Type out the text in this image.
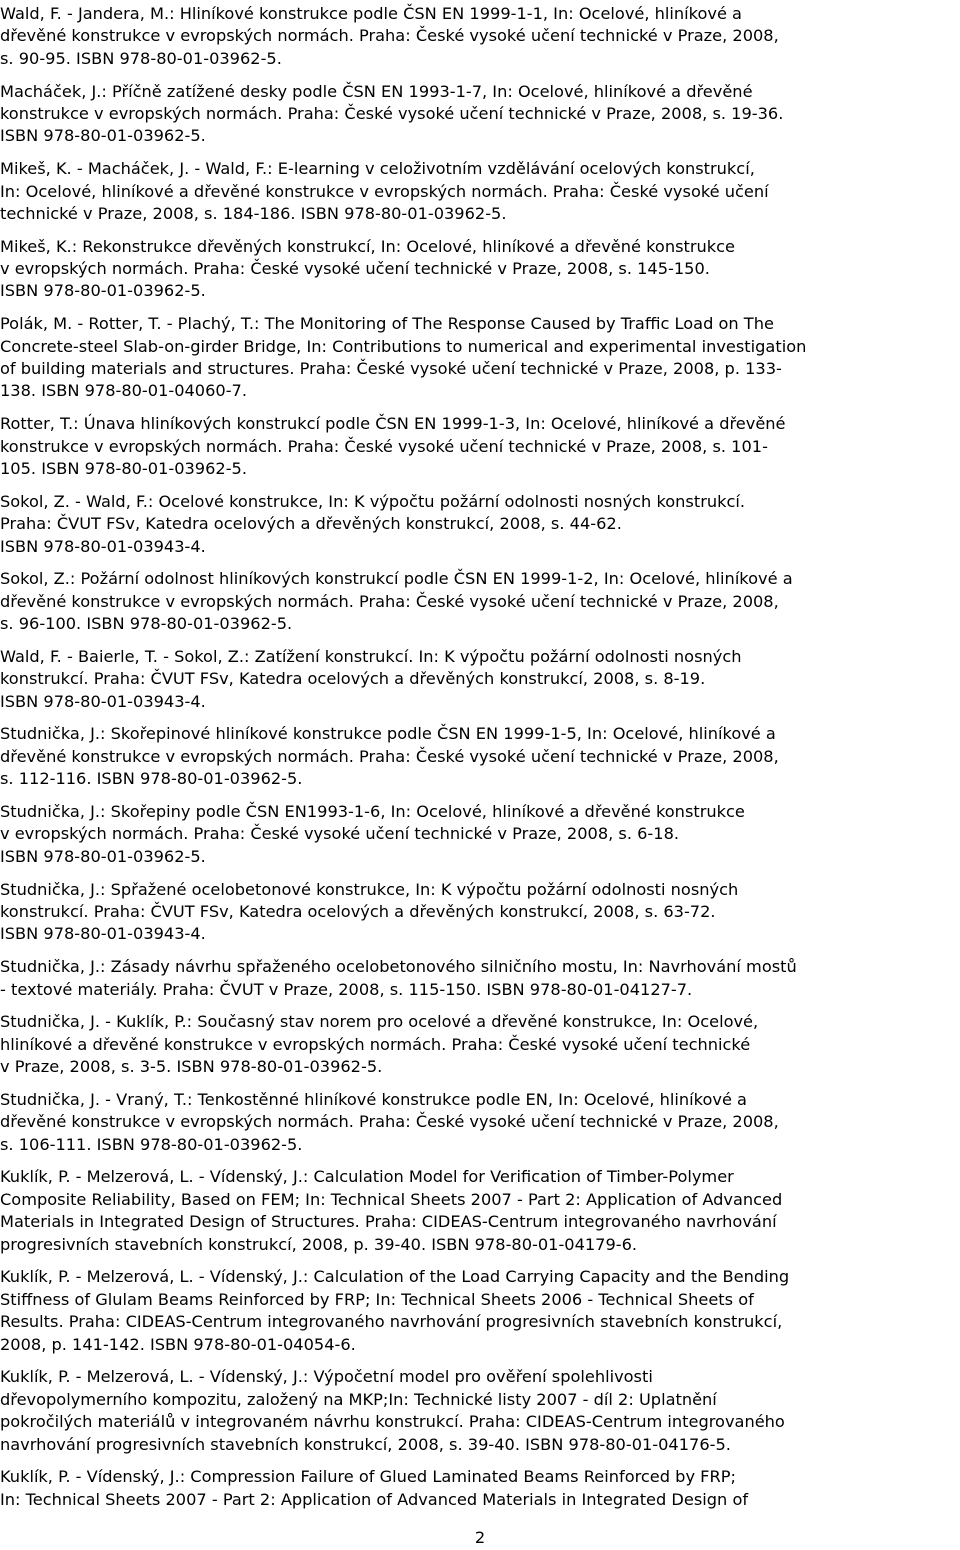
Wald, F. - Jandera, M.: Hliníkové konstrukce podle ČSN EN 1999-1-1, In: Ocelové, hliníkové a
dřevěné konstrukce v evropských normách. Praha: České vysoké učení technické v Praze, 2008,
s. 90-95. ISBN 978-80-01-03962-5.

Macháček, J.: Příčně zatížené desky podle ČSN EN 1993-1-7, In: Ocelové, hliníkové a dřevěné
konstrukce v evropských normách. Praha: České vysoké učení technické v Praze, 2008, s. 19-36.
ISBN 978-80-01-03962-5.

Mikeš, K. - Macháček, J. - Wald, F.: E-learning v celoživotním vzdělávání ocelových konstrukcí,
In: Ocelové, hliníkové a dřevěné konstrukce v evropských normách. Praha: České vysoké učení
technické v Praze, 2008, s. 184-186. ISBN 978-80-01-03962-5.

Mikeš, K.: Rekonstrukce dřevěných konstrukcí, In: Ocelové, hliníkové a dřevěné konstrukce
v evropských normách. Praha: České vysoké učení technické v Praze, 2008, s. 145-150.
ISBN 978-80-01-03962-5.

Polák, M. - Rotter, T. - Plachý, T.: The Monitoring of The Response Caused by Traffic Load on The
Concrete-steel Slab-on-girder Bridge, In: Contributions to numerical and experimental investigation
of building materials and structures. Praha: České vysoké učení technické v Praze, 2008, p. 133-
138. ISBN 978-80-01-04060-7.

Rotter, T.: Únava hliníkových konstrukcí podle ČSN EN 1999-1-3, In: Ocelové, hliníkové a dřevěné
konstrukce v evropských normách. Praha: České vysoké učení technické v Praze, 2008, s. 101-
105. ISBN 978-80-01-03962-5.

Sokol, Z. - Wald, F.: Ocelové konstrukce, In: K výpočtu požární odolnosti nosných konstrukcí.
Praha: ČVUT FSv, Katedra ocelových a dřevěných konstrukcí, 2008, s. 44-62.
ISBN 978-80-01-03943-4.

Sokol, Z.: Požární odolnost hliníkových konstrukcí podle ČSN EN 1999-1-2, In: Ocelové, hliníkové a
dřevěné konstrukce v evropských normách. Praha: České vysoké učení technické v Praze, 2008,
s. 96-100. ISBN 978-80-01-03962-5.

Wald, F. - Baierle, T. - Sokol, Z.: Zatížení konstrukcí. In: K výpočtu požární odolnosti nosných
konstrukcí. Praha: ČVUT FSv, Katedra ocelových a dřevěných konstrukcí, 2008, s. 8-19.
ISBN 978-80-01-03943-4.

Studnička, J.: Skořepinové hliníkové konstrukce podle ČSN EN 1999-1-5, In: Ocelové, hliníkové a
dřevěné konstrukce v evropských normách. Praha: České vysoké učení technické v Praze, 2008,
s. 112-116. ISBN 978-80-01-03962-5.

Studnička, J.: Skořepiny podle ČSN EN1993-1-6, In: Ocelové, hliníkové a dřevěné konstrukce
v evropských normách. Praha: České vysoké učení technické v Praze, 2008, s. 6-18.
ISBN 978-80-01-03962-5.

Studnička, J.: Spřažené ocelobetonové konstrukce, In: K výpočtu požární odolnosti nosných
konstrukcí. Praha: ČVUT FSv, Katedra ocelových a dřevěných konstrukcí, 2008, s. 63-72.
ISBN 978-80-01-03943-4.

Studnička, J.: Zásady návrhu spřaženého ocelobetonového silničního mostu, In: Navrhování mostů
- textové materiály. Praha: ČVUT v Praze, 2008, s. 115-150. ISBN 978-80-01-04127-7.

Studnička, J. - Kuklík, P.: Současný stav norem pro ocelové a dřevěné konstrukce, In: Ocelové,
hliníkové a dřevěné konstrukce v evropských normách. Praha: České vysoké učení technické
v Praze, 2008, s. 3-5. ISBN 978-80-01-03962-5.

Studnička, J. - Vraný, T.: Tenkostěnné hliníkové konstrukce podle EN, In: Ocelové, hliníkové a
dřevěné konstrukce v evropských normách. Praha: České vysoké učení technické v Praze, 2008,
s. 106-111. ISBN 978-80-01-03962-5.

Kuklík, P. - Melzerová, L. - Vídenský, J.: Calculation Model for Verification of Timber-Polymer
Composite Reliability, Based on FEM; In: Technical Sheets 2007 - Part 2: Application of Advanced
Materials in Integrated Design of Structures. Praha: CIDEAS-Centrum integrovaného navrhování
progresivních stavebních konstrukcí, 2008, p. 39-40. ISBN 978-80-01-04179-6.

Kuklík, P. - Melzerová, L. - Vídenský, J.: Calculation of the Load Carrying Capacity and the Bending
Stiffness of Glulam Beams Reinforced by FRP; In: Technical Sheets 2006 - Technical Sheets of
Results. Praha: CIDEAS-Centrum integrovaného navrhování progresivních stavebních konstrukcí,
2008, p. 141-142. ISBN 978-80-01-04054-6.

Kuklík, P. - Melzerová, L. - Vídenský, J.: Výpočetní model pro ověření spolehlivosti
dřevopolymerního kompozitu, založený na MKP;In: Technické listy 2007 - díl 2: Uplatnění
pokročilých materiálů v integrovaném návrhu konstrukcí. Praha: CIDEAS-Centrum integrovaného
navrhování progresivních stavebních konstrukcí, 2008, s. 39-40. ISBN 978-80-01-04176-5.

Kuklík, P. - Vídenský, J.: Compression Failure of Glued Laminated Beams Reinforced by FRP;
In: Technical Sheets 2007 - Part 2: Application of Advanced Materials in Integrated Design of

2
